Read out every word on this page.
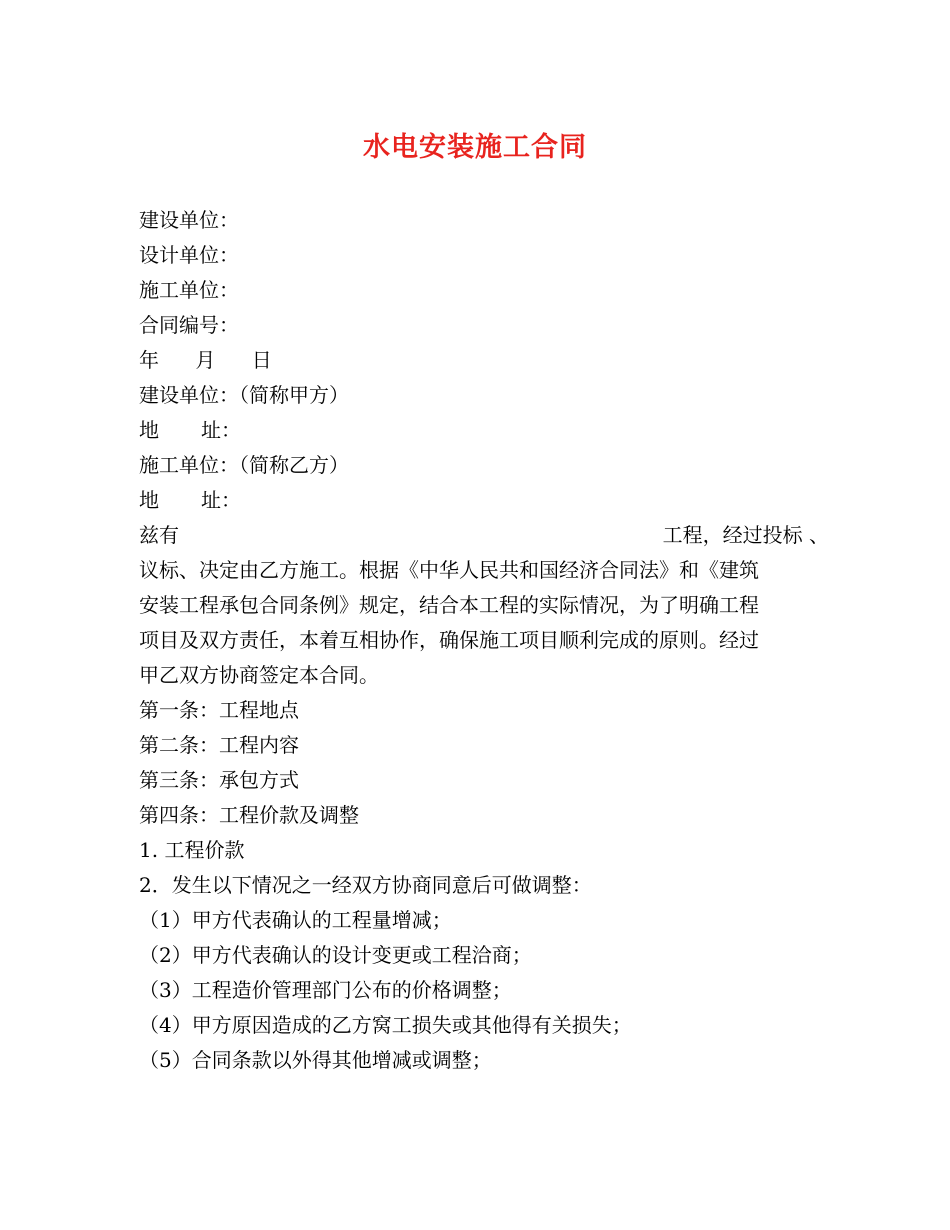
水电安装施工合同
建设单位：
设计单位：
施工单位：
合同编号：
年 月 日
建设单位：（简称甲方）
地 址：
施工单位：（简称乙方）
地 址：
兹有	工程，经过投标 、
议标、决定由乙方施工。根据《中华人民共和国经济合同法》和《建筑
安装工程承包合同条例》规定，结合本工程的实际情况，为了明确工程
项目及双方责任，本着互相协作，确保施工项目顺利完成的原则。经过
甲乙双方协商签定本合同。
第一条：工程地点
第二条：工程内容
第三条：承包方式
第四条：工程价款及调整
1. 工程价款
2．发生以下情况之一经双方协商同意后可做调整：
（1）甲方代表确认的工程量增减；
（2）甲方代表确认的设计变更或工程洽商；
（3）工程造价管理部门公布的价格调整；
（4）甲方原因造成的乙方窝工损失或其他得有关损失；
（5）合同条款以外得其他增减或调整；
